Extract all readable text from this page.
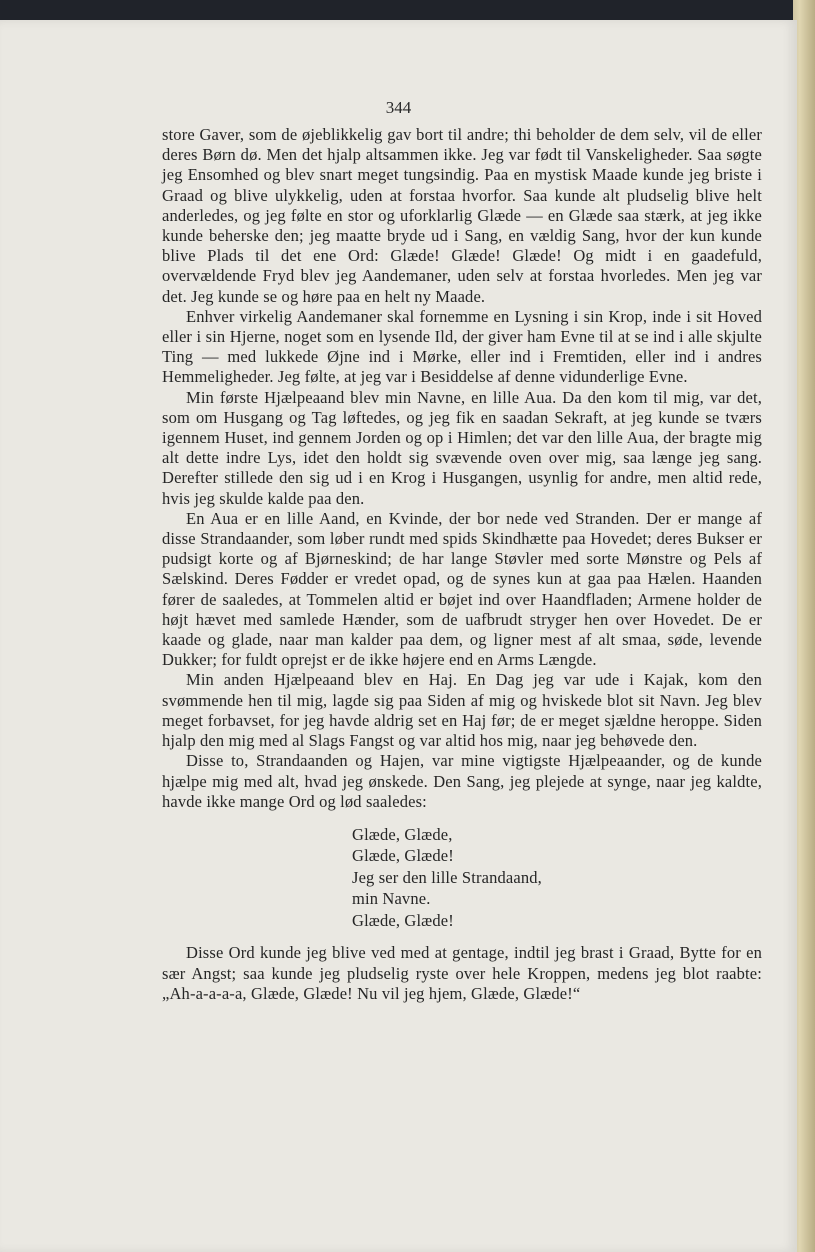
344

store Gaver, som de øjeblikkelig gav bort til andre; thi beholder de dem selv, vil de eller deres Børn dø. Men det hjalp altsammen ikke. Jeg var født til Vanskeligheder. Saa søgte jeg Ensomhed og blev snart meget tungsindig. Paa en mystisk Maade kunde jeg briste i Graad og blive ulykkelig, uden at forstaa hvorfor. Saa kunde alt pludselig blive helt anderledes, og jeg følte en stor og uforklarlig Glæde — en Glæde saa stærk, at jeg ikke kunde beherske den; jeg maatte bryde ud i Sang, en vældig Sang, hvor der kun kunde blive Plads til det ene Ord: Glæde! Glæde! Glæde! Og midt i en gaadefuld, overvældende Fryd blev jeg Aandemaner, uden selv at forstaa hvorledes. Men jeg var det. Jeg kunde se og høre paa en helt ny Maade.

Enhver virkelig Aandemaner skal fornemme en Lysning i sin Krop, inde i sit Hoved eller i sin Hjerne, noget som en lysende Ild, der giver ham Evne til at se ind i alle skjulte Ting — med lukkede Øjne ind i Mørke, eller ind i Fremtiden, eller ind i andres Hemmeligheder. Jeg følte, at jeg var i Besiddelse af denne vidunderlige Evne.

Min første Hjælpeaand blev min Navne, en lille Aua. Da den kom til mig, var det, som om Husgang og Tag løftedes, og jeg fik en saadan Sekraft, at jeg kunde se tværs igennem Huset, ind gennem Jorden og op i Himlen; det var den lille Aua, der bragte mig alt dette indre Lys, idet den holdt sig svævende oven over mig, saa længe jeg sang. Derefter stillede den sig ud i en Krog i Husgangen, usynlig for andre, men altid rede, hvis jeg skulde kalde paa den.

En Aua er en lille Aand, en Kvinde, der bor nede ved Stranden. Der er mange af disse Strandaander, som løber rundt med spids Skindhætte paa Hovedet; deres Bukser er pudsigt korte og af Bjørneskind; de har lange Støvler med sorte Mønstre og Pels af Sælskind. Deres Fødder er vredet opad, og de synes kun at gaa paa Hælen. Haanden fører de saaledes, at Tommelen altid er bøjet ind over Haandfladen; Armene holder de højt hævet med samlede Hænder, som de uafbrudt stryger hen over Hovedet. De er kaade og glade, naar man kalder paa dem, og ligner mest af alt smaa, søde, levende Dukker; for fuldt oprejst er de ikke højere end en Arms Længde.

Min anden Hjælpeaand blev en Haj. En Dag jeg var ude i Kajak, kom den svømmende hen til mig, lagde sig paa Siden af mig og hviskede blot sit Navn. Jeg blev meget forbavset, for jeg havde aldrig set en Haj før; de er meget sjældne heroppe. Siden hjalp den mig med al Slags Fangst og var altid hos mig, naar jeg behøvede den.

Disse to, Strandaanden og Hajen, var mine vigtigste Hjælpeaander, og de kunde hjælpe mig med alt, hvad jeg ønskede. Den Sang, jeg plejede at synge, naar jeg kaldte, havde ikke mange Ord og lød saaledes:

Glæde, Glæde,
Glæde, Glæde!
Jeg ser den lille Strandaand,
min Navne.
Glæde, Glæde!

Disse Ord kunde jeg blive ved med at gentage, indtil jeg brast i Graad, Bytte for en sær Angst; saa kunde jeg pludselig ryste over hele Kroppen, medens jeg blot raabte: „Ah-a-a-a-a, Glæde, Glæde! Nu vil jeg hjem, Glæde, Glæde!“
